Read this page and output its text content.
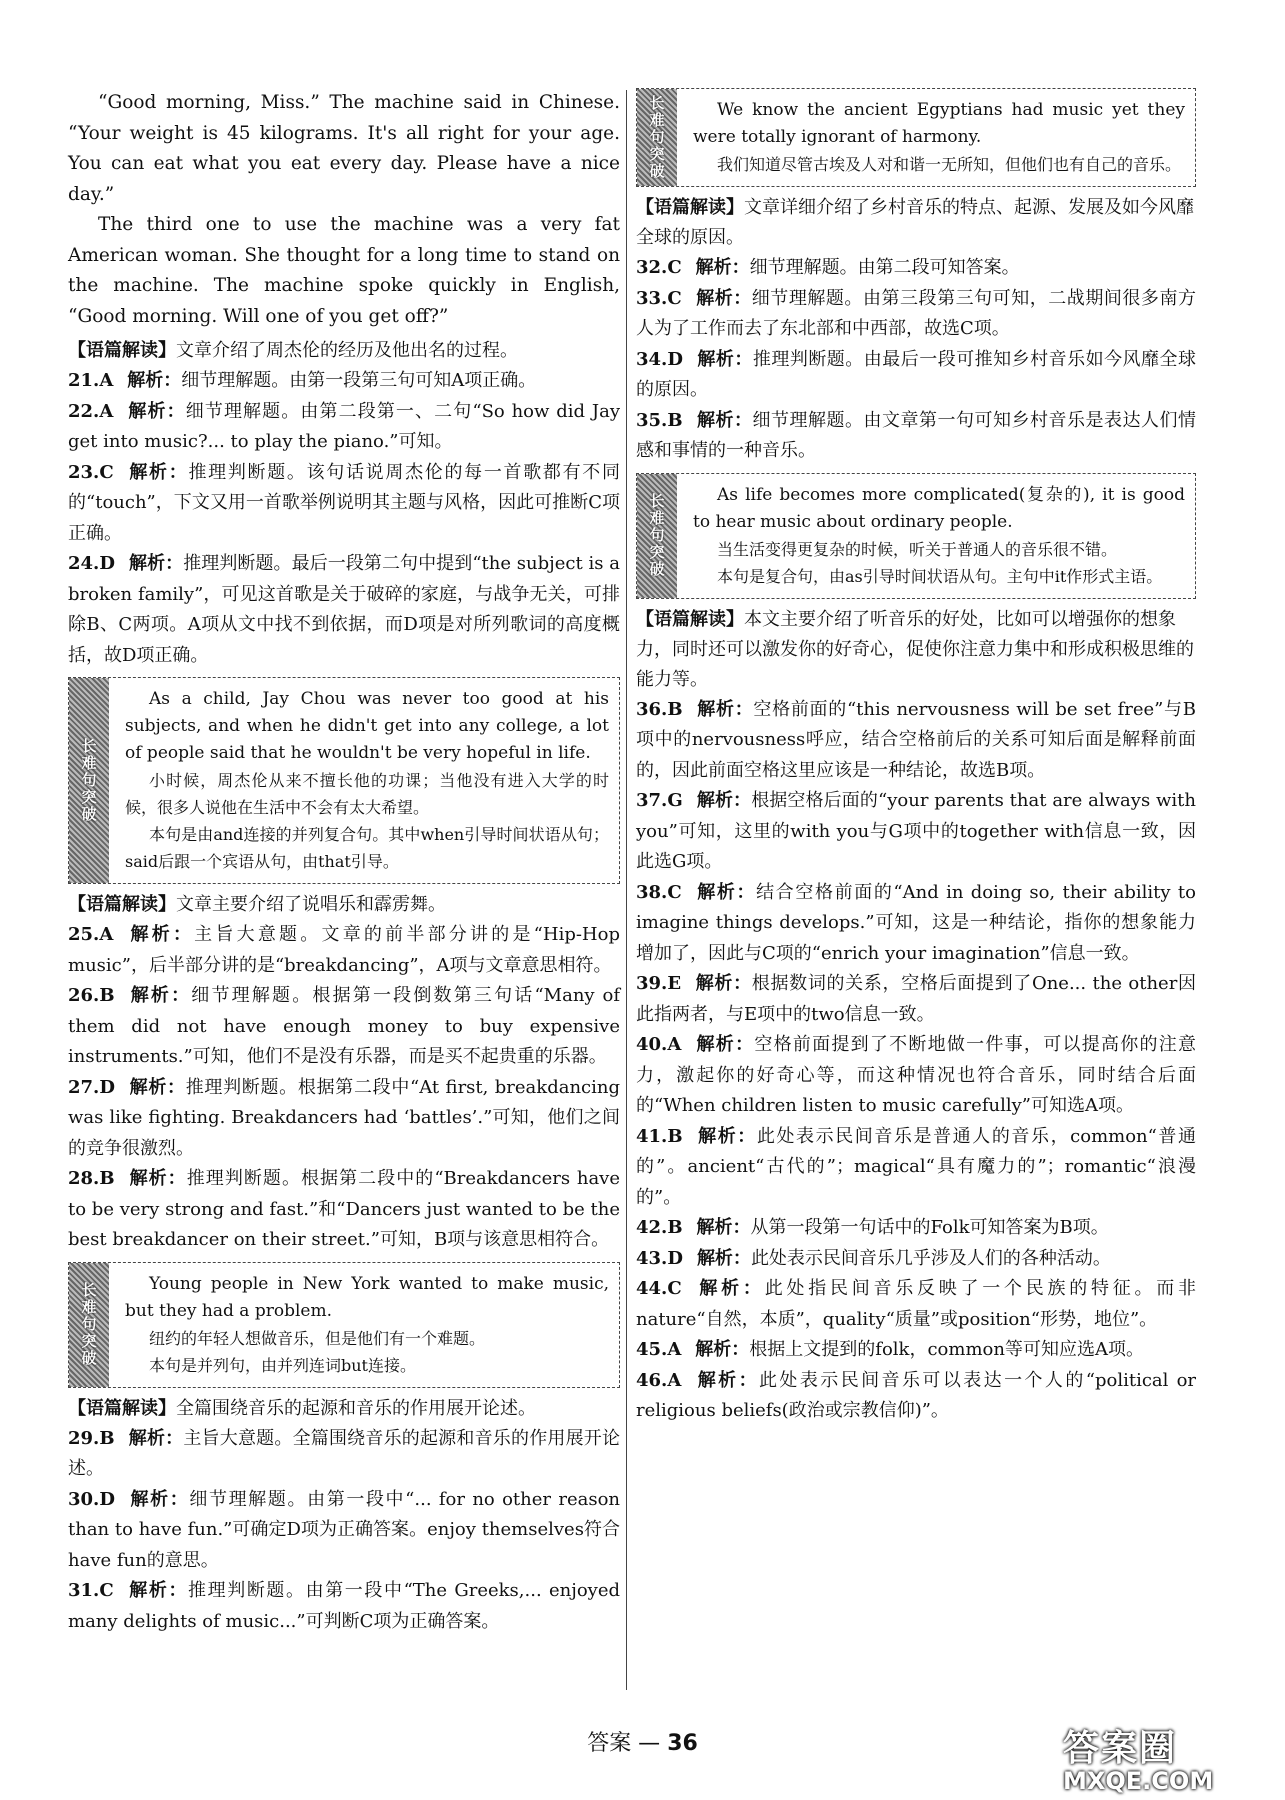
“Good morning, Miss.” The machine said in Chinese. “Your weight is 45 kilograms. It's all right for your age. You can eat what you eat every day. Please have a nice day.”

The third one to use the machine was a very fat American woman. She thought for a long time to stand on the machine. The machine spoke quickly in English, “Good morning. Will one of you get off?”

【语篇解读】文章介绍了周杰伦的经历及他出名的过程。

21.A 解析：细节理解题。由第一段第三句可知A项正确。

22.A 解析：细节理解题。由第二段第一、二句“So how did Jay get into music?... to play the piano.”可知。

23.C 解析：推理判断题。该句话说周杰伦的每一首歌都有不同的“touch”，下文又用一首歌举例说明其主题与风格，因此可推断C项正确。

24.D 解析：推理判断题。最后一段第二句中提到“the subject is a broken family”，可见这首歌是关于破碎的家庭，与战争无关，可排除B、C两项。A项从文中找不到依据，而D项是对所列歌词的高度概括，故D项正确。

长难句突破

As a child, Jay Chou was never too good at his subjects, and when he didn't get into any college, a lot of people said that he wouldn't be very hopeful in life.

小时候，周杰伦从来不擅长他的功课；当他没有进入大学的时候，很多人说他在生活中不会有太大希望。

本句是由and连接的并列复合句。其中when引导时间状语从句；said后跟一个宾语从句，由that引导。

【语篇解读】文章主要介绍了说唱乐和霹雳舞。

25.A 解析：主旨大意题。文章的前半部分讲的是“Hip-Hop music”，后半部分讲的是“breakdancing”，A项与文章意思相符。

26.B 解析：细节理解题。根据第一段倒数第三句话“Many of them did not have enough money to buy expensive instruments.”可知，他们不是没有乐器，而是买不起贵重的乐器。

27.D 解析：推理判断题。根据第二段中“At first, breakdancing was like fighting. Breakdancers had ‘battles’.”可知，他们之间的竞争很激烈。

28.B 解析：推理判断题。根据第二段中的“Breakdancers have to be very strong and fast.”和“Dancers just wanted to be the best breakdancer on their street.”可知，B项与该意思相符合。

长难句突破	Young people in New York wanted to make music, but they had a problem.

纽约的年轻人想做音乐，但是他们有一个难题。

本句是并列句，由并列连词but连接。

【语篇解读】全篇围绕音乐的起源和音乐的作用展开论述。

29.B 解析：主旨大意题。全篇围绕音乐的起源和音乐的作用展开论述。

30.D 解析：细节理解题。由第一段中“... for no other reason than to have fun.”可确定D项为正确答案。enjoy themselves符合have fun的意思。

31.C 解析：推理判断题。由第一段中“The Greeks,... enjoyed many delights of music...”可判断C项为正确答案。

长难句突破	We know the ancient Egyptians had music yet they were totally ignorant of harmony.

我们知道尽管古埃及人对和谐一无所知，但他们也有自己的音乐。

【语篇解读】文章详细介绍了乡村音乐的特点、起源、发展及如今风靡全球的原因。

32.C 解析：细节理解题。由第二段可知答案。

33.C 解析：细节理解题。由第三段第三句可知，二战期间很多南方人为了工作而去了东北部和中西部，故选C项。

34.D 解析：推理判断题。由最后一段可推知乡村音乐如今风靡全球的原因。

35.B 解析：细节理解题。由文章第一句可知乡村音乐是表达人们情感和事情的一种音乐。

长难句突破	As life becomes more complicated(复杂的), it is good to hear music about ordinary people.

当生活变得更复杂的时候，听关于普通人的音乐很不错。

本句是复合句，由as引导时间状语从句。主句中it作形式主语。

【语篇解读】本文主要介绍了听音乐的好处，比如可以增强你的想象力，同时还可以激发你的好奇心，促使你注意力集中和形成积极思维的能力等。

36.B 解析：空格前面的“this nervousness will be set free”与B项中的nervousness呼应，结合空格前后的关系可知后面是解释前面的，因此前面空格这里应该是一种结论，故选B项。

37.G 解析：根据空格后面的“your parents that are always with you”可知，这里的with you与G项中的together with信息一致，因此选G项。

38.C 解析：结合空格前面的“And in doing so, their ability to imagine things develops.”可知，这是一种结论，指你的想象能力增加了，因此与C项的“enrich your imagination”信息一致。

39.E 解析：根据数词的关系，空格后面提到了One... the other因此指两者，与E项中的two信息一致。

40.A 解析：空格前面提到了不断地做一件事，可以提高你的注意力，激起你的好奇心等，而这种情况也符合音乐，同时结合后面的“When children listen to music carefully”可知选A项。

41.B 解析：此处表示民间音乐是普通人的音乐，common“普通的”。ancient“古代的”；magical“具有魔力的”；romantic“浪漫的”。

42.B 解析：从第一段第一句话中的Folk可知答案为B项。

43.D 解析：此处表示民间音乐几乎涉及人们的各种活动。

44.C 解析：此处指民间音乐反映了一个民族的特征。而非nature“自然，本质”，quality“质量”或position“形势，地位”。

45.A 解析：根据上文提到的folk，common等可知应选A项。

46.A 解析：此处表示民间音乐可以表达一个人的“political or religious beliefs(政治或宗教信仰)”。

答案 — 36	答案圈
MXQE.COM
